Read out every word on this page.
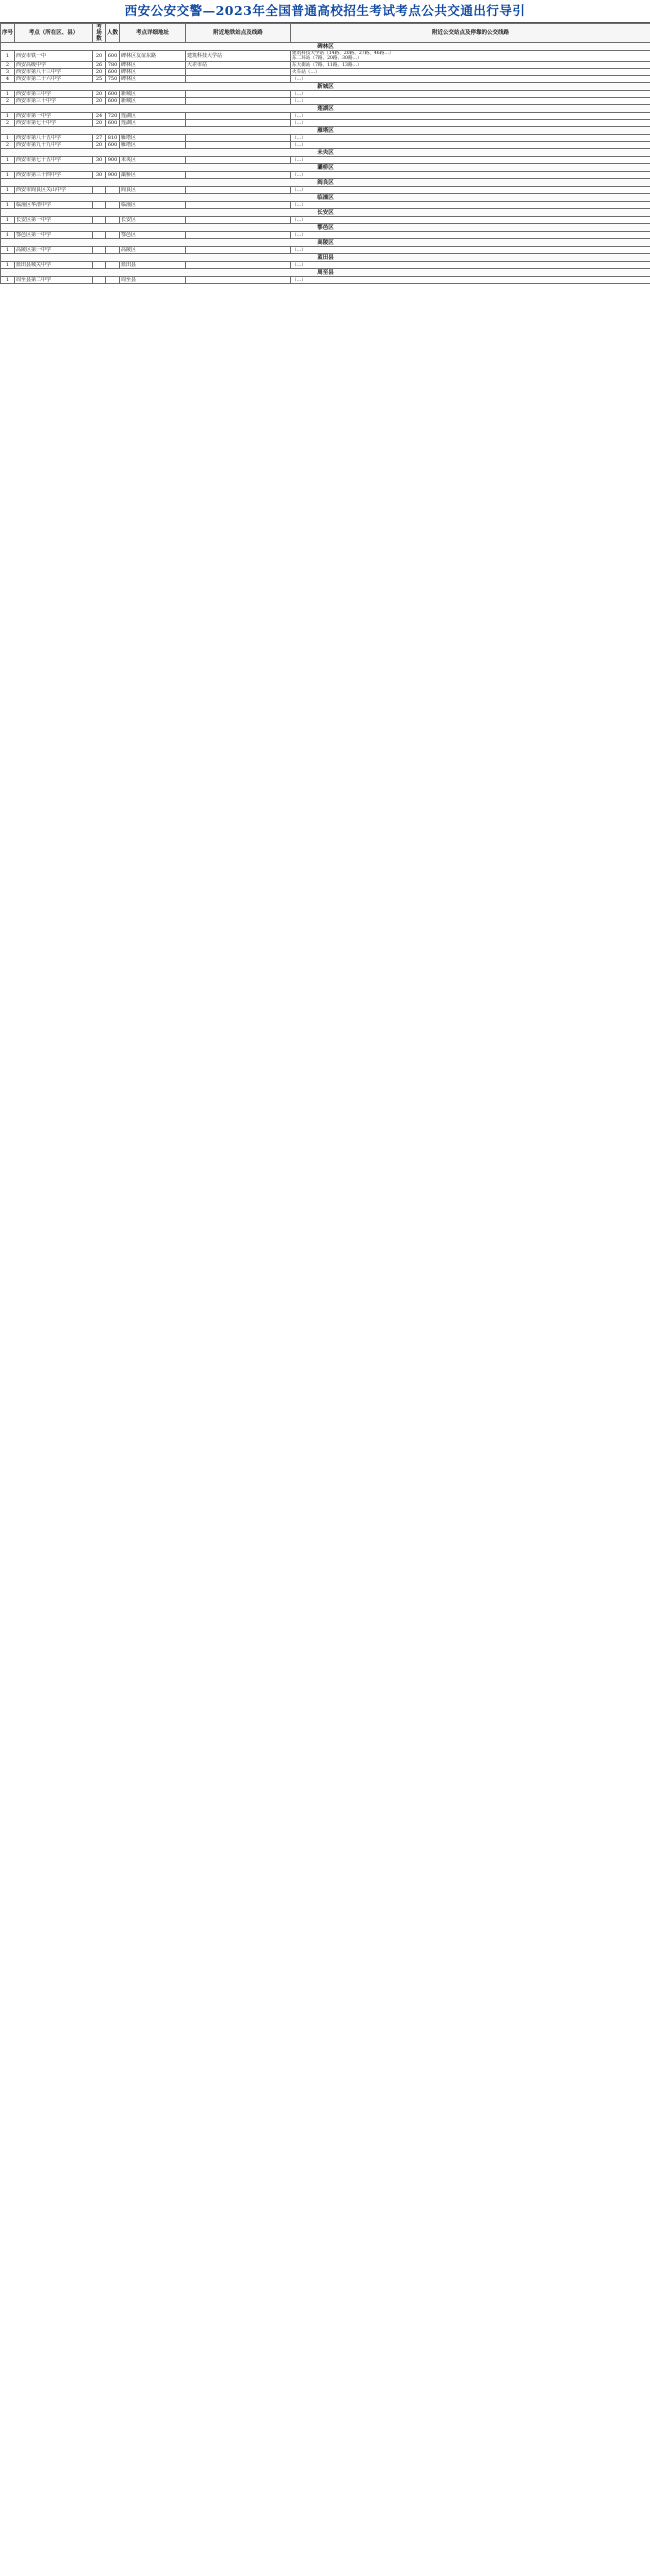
西安公安交警—2023年全国普通高校招生考试考点公共交通出行导引
序号	考点（所在区、县）	考场数	人数	考点详细地址	附近地铁站点及线路	附近公交站点及停靠的公交线路
碑林区						
1	西安市铁一中	20	600	碑林区友谊东路	建筑科技大学站	建筑科技大学站（14路、20路、27路、46路…）
东二环站（7路、20路、30路…）
2	西安高级中学	26	780	碑林区	大差市站	东大街站（7路、11路、13路…）
3	西安市第八十三中学	20	600	碑林区		火车站（…）
4	西安市第二十六中学	25	750	碑林区		（…）
新城区						
1	西安市第三中学	20	600	新城区		（…）
2	西安市第三十中学	20	600	新城区		（…）
莲湖区						
1	西安市第一中学	24	720	莲湖区		（…）
2	西安市第七十中学	20	600	莲湖区		（…）
雁塔区						
1	西安市第八十五中学	27	810	雁塔区		（…）
2	西安市第九十九中学	20	600	雁塔区		（…）
未央区						
1	西安市第七十五中学	30	900	未央区		（…）
灞桥区						
1	西安市第三十四中学	30	900	灞桥区		（…）
阎良区						
1	西安市阎良区关山中学			阎良区		（…）
临潼区						
1	临潼区华清中学			临潼区		（…）
长安区						
1	长安区第一中学			长安区		（…）
鄠邑区						
1	鄠邑区第一中学			鄠邑区		（…）
高陵区						
1	高陵区第一中学			高陵区		（…）
蓝田县						
1	蓝田县城关中学			蓝田县		（…）
周至县						
1	周至县第二中学			周至县		（…）
